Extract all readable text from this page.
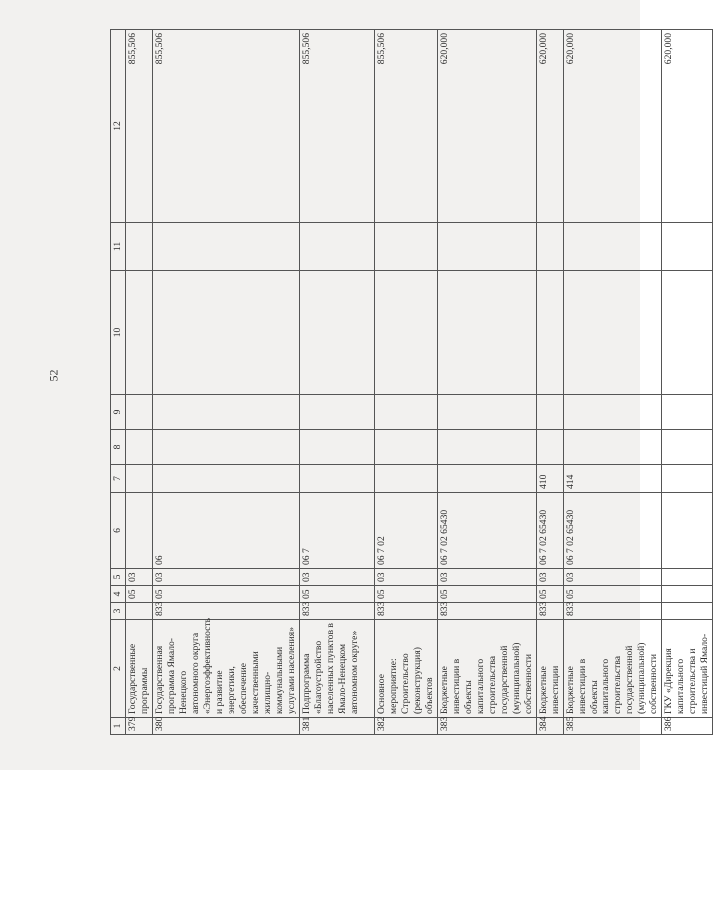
52
1	2	3	4	5	6	7	8	9	10	11	12
379	Государственные программы		05	03							855,506
380	Государственная программа Ямало-Ненецкого автономного округа «Энергоэффективность и развитие энергетики, обеспечение качественными жилищно-коммунальными услугами населения»	833	05	03	06						855,506
381	Подпрограмма «Благоустройство населенных пунктов в Ямало-Ненецком автономном округе»	833	05	03	06 7						855,506
382	Основное мероприятие: Строительство (реконструкция) объектов	833	05	03	06 7 02						855,506
383	Бюджетные инвестиции в объекты капитального строительства государственной (муниципальной) собственности	833	05	03	06 7 02 65430						620,000
384	Бюджетные инвестиции	833	05	03	06 7 02 65430	410					620,000
385	Бюджетные инвестиции в объекты капитального строительства государственной (муниципальной) собственности	833	05	03	06 7 02 65430	414					620,000
386	ГКУ «Дирекция капитального строительства и инвестиций Ямало-										620,000
